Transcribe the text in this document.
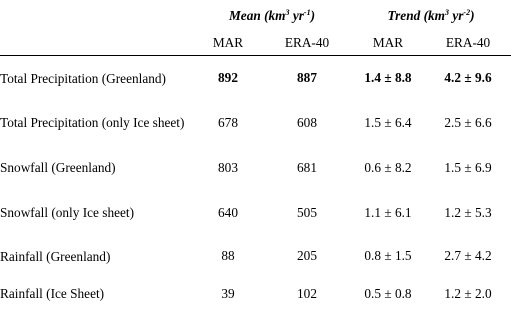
	Mean ($km^3$ $yr^{-1}$)		Trend ($km^3$ $yr^{-2}$)	
	MAR	ERA-40	MAR	ERA-40
Total Precipitation (Greenland)	892	887	1.4 ± 8.8	4.2 ± 9.6
Total Precipitation (only Ice sheet)	678	608	1.5 ± 6.4	2.5 ± 6.6
Snowfall (Greenland)	803	681	0.6 ± 8.2	1.5 ± 6.9
Snowfall (only Ice sheet)	640	505	1.1 ± 6.1	1.2 ± 5.3
Rainfall (Greenland)	88	205	0.8 ± 1.5	2.7 ± 4.2
Rainfall (Ice Sheet)	39	102	0.5 ± 0.8	1.2 ± 2.0
